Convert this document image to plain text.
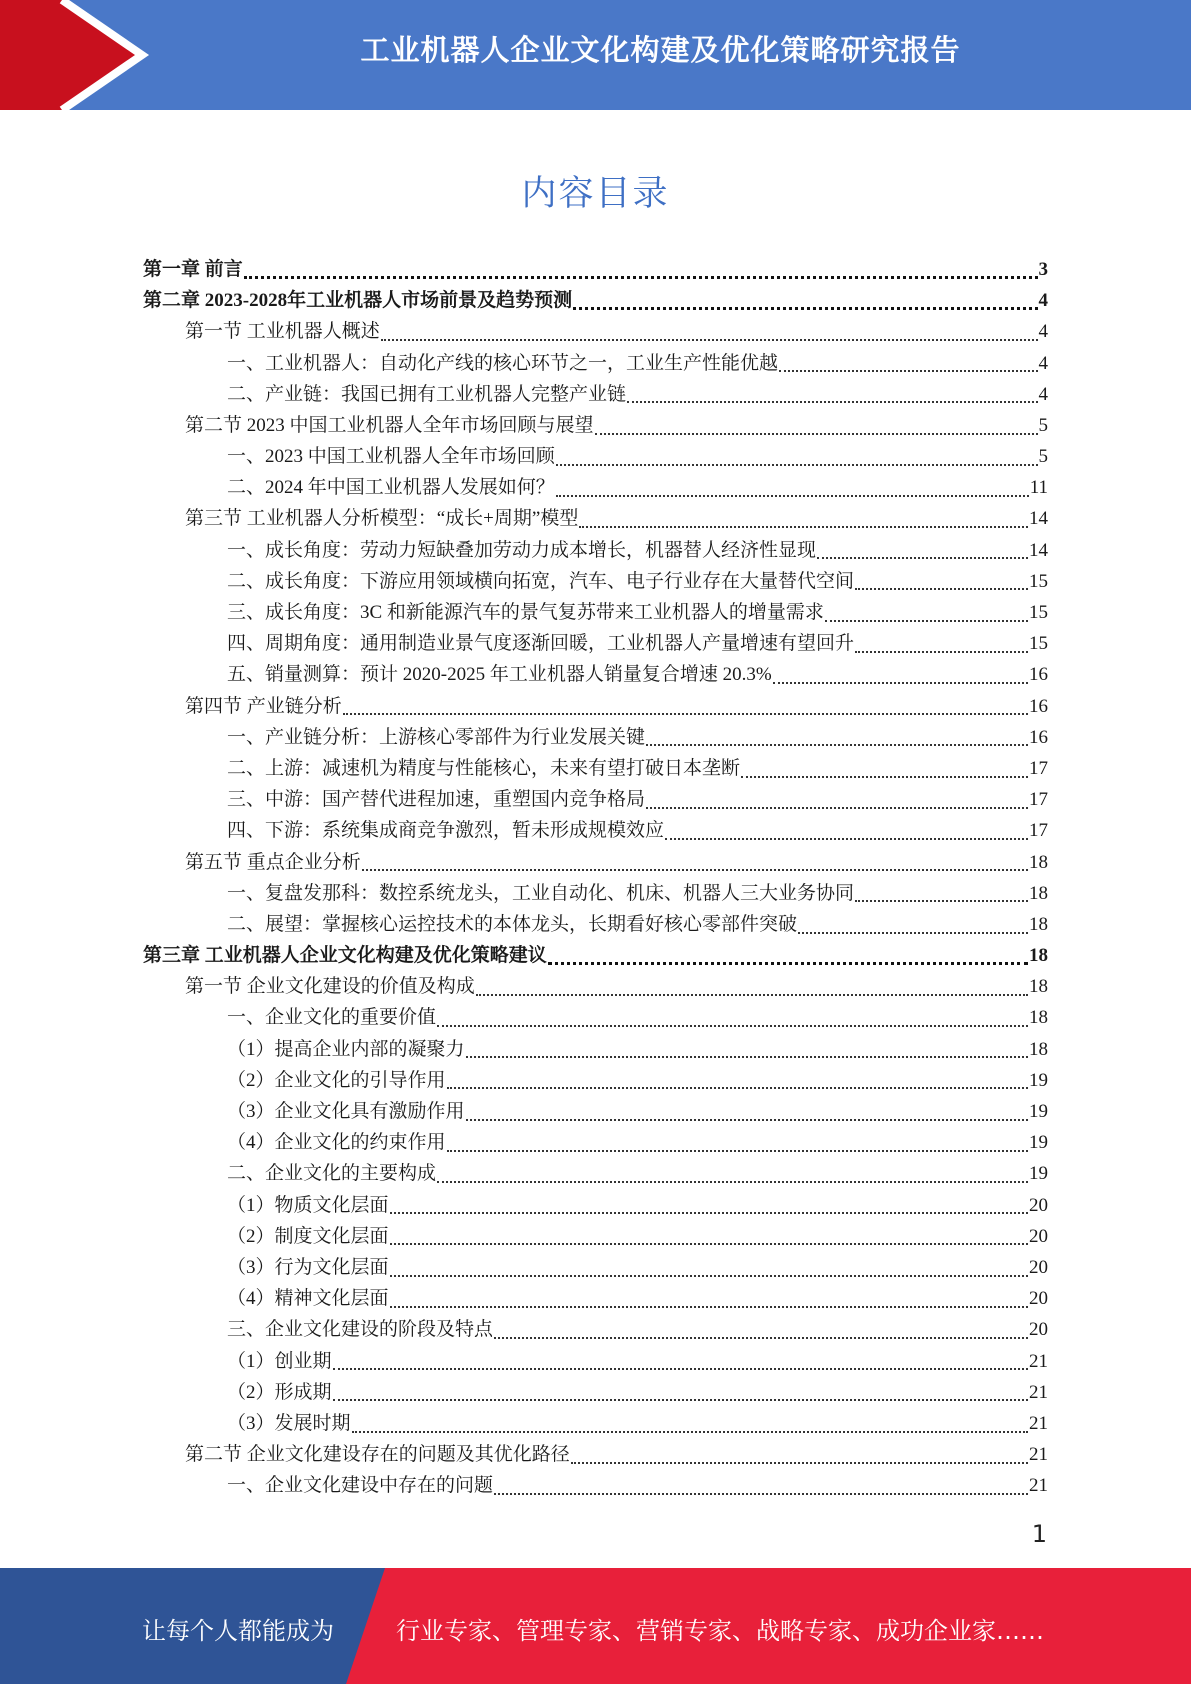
工业机器人企业文化构建及优化策略研究报告
内容目录
第一章 前言	3
第二章 2023-2028年工业机器人市场前景及趋势预测	4
第一节 工业机器人概述	4
一、工业机器人：自动化产线的核心环节之一，工业生产性能优越	4
二、产业链：我国已拥有工业机器人完整产业链	4
第二节 2023 中国工业机器人全年市场回顾与展望	5
一、2023 中国工业机器人全年市场回顾	5
二、2024 年中国工业机器人发展如何？	11
第三节 工业机器人分析模型：“成长+周期”模型	14
一、成长角度：劳动力短缺叠加劳动力成本增长，机器替人经济性显现	14
二、成长角度：下游应用领域横向拓宽，汽车、电子行业存在大量替代空间	15
三、成长角度：3C 和新能源汽车的景气复苏带来工业机器人的增量需求	15
四、周期角度：通用制造业景气度逐渐回暖，工业机器人产量增速有望回升	15
五、销量测算：预计 2020-2025 年工业机器人销量复合增速 20.3%	16
第四节 产业链分析	16
一、产业链分析：上游核心零部件为行业发展关键	16
二、上游：减速机为精度与性能核心，未来有望打破日本垄断	17
三、中游：国产替代进程加速，重塑国内竞争格局	17
四、下游：系统集成商竞争激烈，暂未形成规模效应	17
第五节 重点企业分析	18
一、复盘发那科：数控系统龙头，工业自动化、机床、机器人三大业务协同	18
二、展望：掌握核心运控技术的本体龙头，长期看好核心零部件突破	18
第三章 工业机器人企业文化构建及优化策略建议	18
第一节 企业文化建设的价值及构成	18
一、企业文化的重要价值	18
（1）提高企业内部的凝聚力	18
（2）企业文化的引导作用	19
（3）企业文化具有激励作用	19
（4）企业文化的约束作用	19
二、企业文化的主要构成	19
（1）物质文化层面	20
（2）制度文化层面	20
（3）行为文化层面	20
（4）精神文化层面	20
三、企业文化建设的阶段及特点	20
（1）创业期	21
（2）形成期	21
（3）发展时期	21
第二节 企业文化建设存在的问题及其优化路径	21
一、企业文化建设中存在的问题	21
1
让每个人都能成为	行业专家、管理专家、营销专家、战略专家、成功企业家……
